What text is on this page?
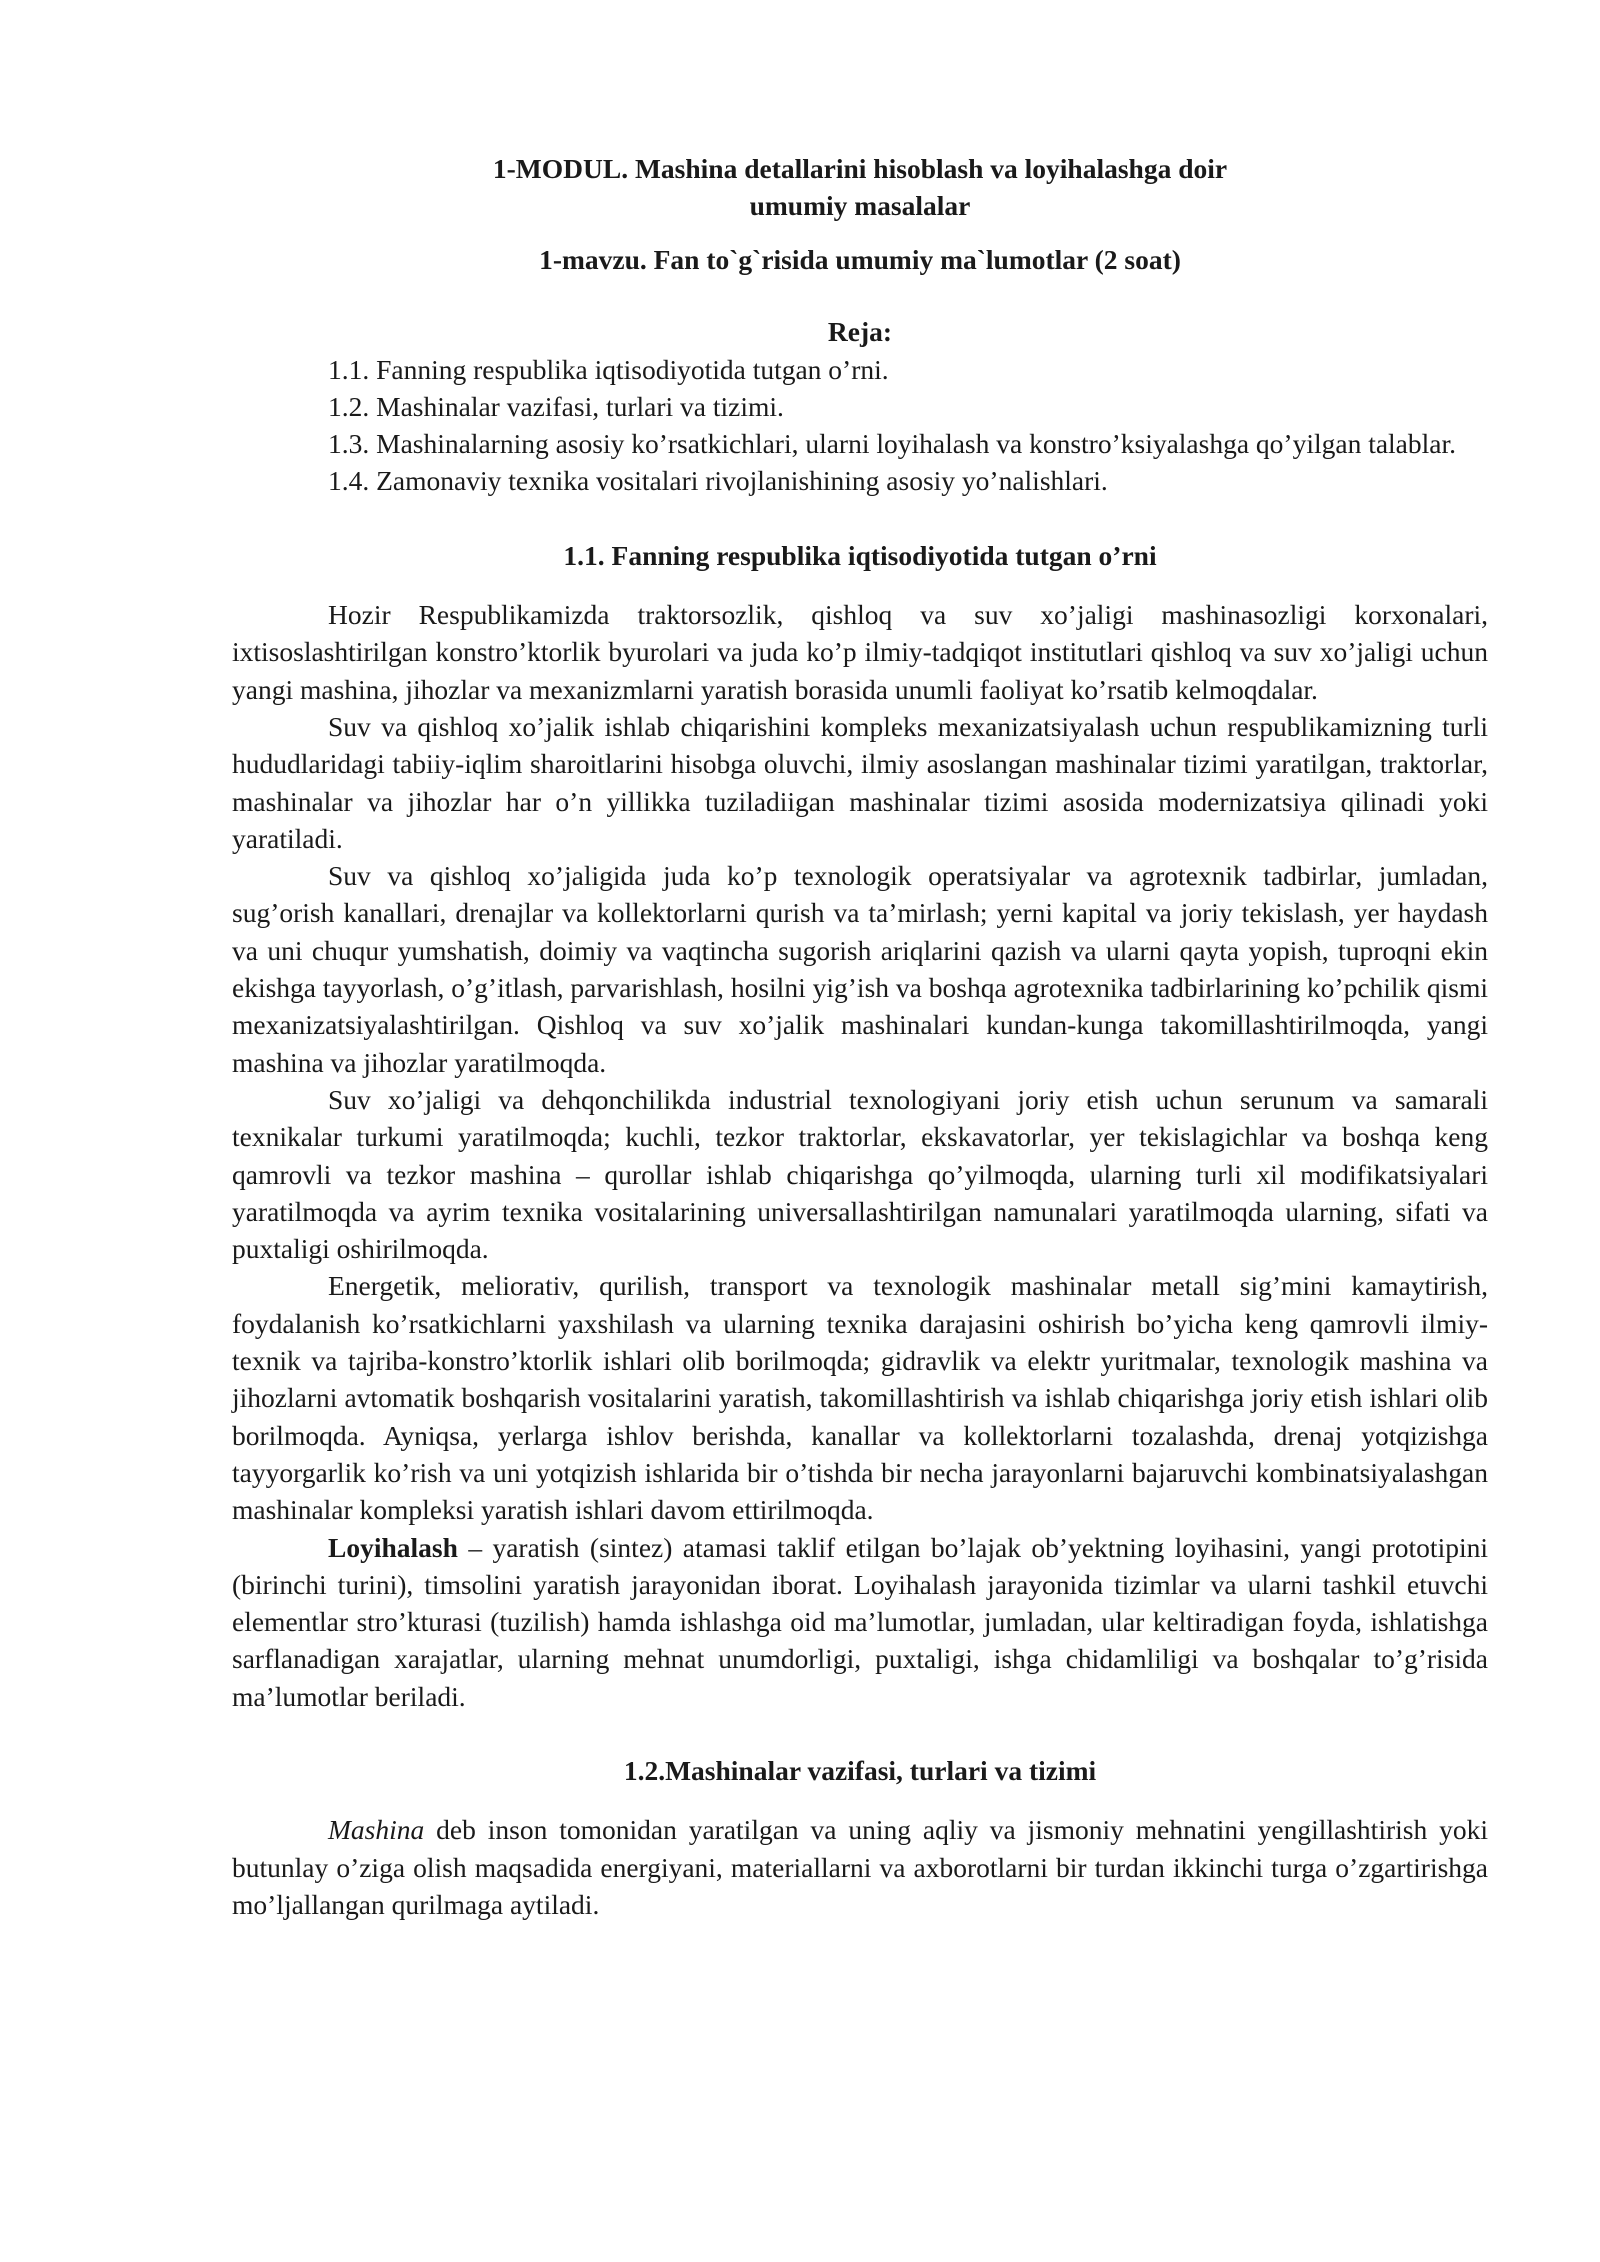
1-MODUL. Mashina detallarini hisoblash va loyihalashga doir
umumiy masalalar
1-mavzu. Fan to`g`risida umumiy ma`lumotlar (2 soat)
Reja:
1.1. Fanning respublika iqtisodiyotida tutgan o’rni.
1.2. Mashinalar vazifasi, turlari va tizimi.
1.3. Mashinalarning asosiy ko’rsatkichlari, ularni loyihalash va konstro’ksiyalashga qo’yilgan talablar.
1.4. Zamonaviy texnika vositalari rivojlanishining asosiy yo’nalishlari.
1.1. Fanning respublika iqtisodiyotida tutgan o’rni

Hozir Respublikamizda traktorsozlik, qishloq va suv xo’jaligi mashinasozligi korxonalari, ixtisoslashtirilgan konstro’ktorlik byurolari va juda ko’p ilmiy-tadqiqot institutlari qishloq va suv xo’jaligi uchun yangi mashina, jihozlar va mexanizmlarni yaratish borasida unumli faoliyat ko’rsatib kelmoqdalar.

Suv va qishloq xo’jalik ishlab chiqarishini kompleks mexanizatsiyalash uchun respublikamizning turli hududlaridagi tabiiy-iqlim sharoitlarini hisobga oluvchi, ilmiy asoslangan mashinalar tizimi yaratilgan, traktorlar, mashinalar va jihozlar har o’n yillikka tuziladiigan mashinalar tizimi asosida modernizatsiya qilinadi yoki yaratiladi.

Suv va qishloq xo’jaligida juda ko’p texnologik operatsiyalar va agrotexnik tadbirlar, jumladan, sug’orish kanallari, drenajlar va kollektorlarni qurish va ta’mirlash; yerni kapital va joriy tekislash, yer haydash va uni chuqur yumshatish, doimiy va vaqtincha sugorish ariqlarini qazish va ularni qayta yopish, tuproqni ekin ekishga tayyorlash, o’g’itlash, parvarishlash, hosilni yig’ish va boshqa agrotexnika tadbirlarining ko’pchilik qismi mexanizatsiyalashtirilgan. Qishloq va suv xo’jalik mashinalari kundan-kunga takomillashtirilmoqda, yangi mashina va jihozlar yaratilmoqda.

Suv xo’jaligi va dehqonchilikda industrial texnologiyani joriy etish uchun serunum va samarali texnikalar turkumi yaratilmoqda; kuchli, tezkor traktorlar, ekskavatorlar, yer tekislagichlar va boshqa keng qamrovli va tezkor mashina – qurollar ishlab chiqarishga qo’yilmoqda, ularning turli xil modifikatsiyalari yaratilmoqda va ayrim texnika vositalarining universallashtirilgan namunalari yaratilmoqda ularning, sifati va puxtaligi oshirilmoqda.

Energetik, meliorativ, qurilish, transport va texnologik mashinalar metall sig’mini kamaytirish, foydalanish ko’rsatkichlarni yaxshilash va ularning texnika darajasini oshirish bo’yicha keng qamrovli ilmiy-texnik va tajriba-konstro’ktorlik ishlari olib borilmoqda; gidravlik va elektr yuritmalar, texnologik mashina va jihozlarni avtomatik boshqarish vositalarini yaratish, takomillashtirish va ishlab chiqarishga joriy etish ishlari olib borilmoqda. Ayniqsa, yerlarga ishlov berishda, kanallar va kollektorlarni tozalashda, drenaj yotqizishga tayyorgarlik ko’rish va uni yotqizish ishlarida bir o’tishda bir necha jarayonlarni bajaruvchi kombinatsiyalashgan mashinalar kompleksi yaratish ishlari davom ettirilmoqda.

Loyihalash – yaratish (sintez) atamasi taklif etilgan bo’lajak ob’yektning loyihasini, yangi prototipini (birinchi turini), timsolini yaratish jarayonidan iborat. Loyihalash jarayonida tizimlar va ularni tashkil etuvchi elementlar stro’kturasi (tuzilish) hamda ishlashga oid ma’lumotlar, jumladan, ular keltiradigan foyda, ishlatishga sarflanadigan xarajatlar, ularning mehnat unumdorligi, puxtaligi, ishga chidamliligi va boshqalar to’g’risida ma’lumotlar beriladi.

1.2.Mashinalar vazifasi, turlari va tizimi

Mashina deb inson tomonidan yaratilgan va uning aqliy va jismoniy mehnatini yengillashtirish yoki butunlay o’ziga olish maqsadida energiyani, materiallarni va axborotlarni bir turdan ikkinchi turga o’zgartirishga mo’ljallangan qurilmaga aytiladi.
